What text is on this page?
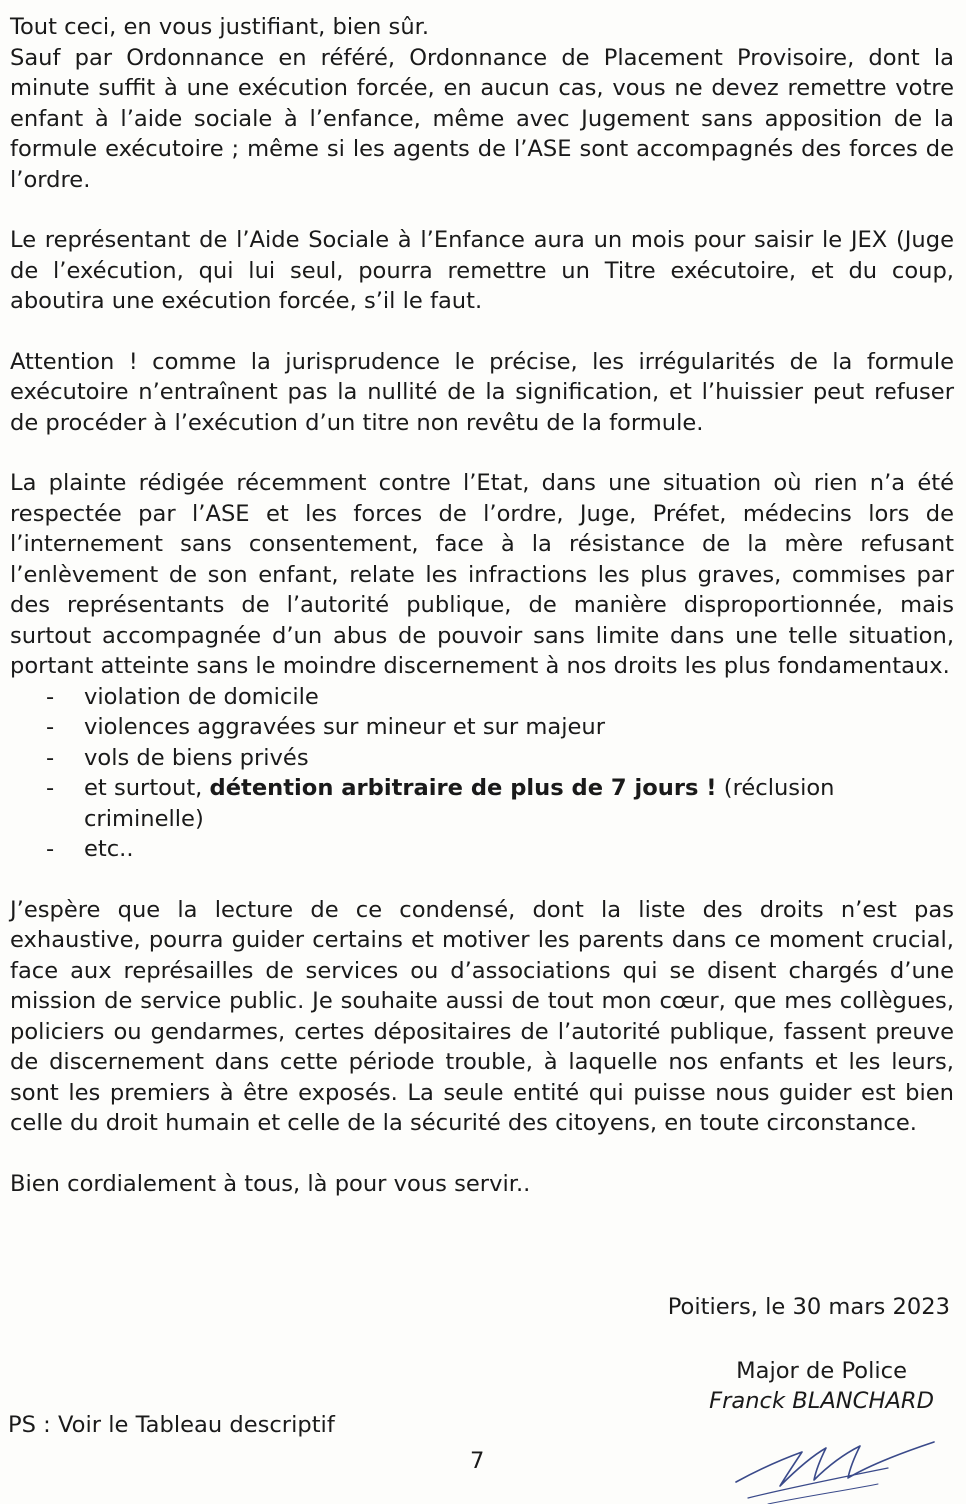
Tout ceci, en vous justifiant, bien sûr.

Sauf par Ordonnance en référé, Ordonnance de Placement Provisoire, dont la minute suffit à une exécution forcée, en aucun cas, vous ne devez remettre votre enfant à l’aide sociale à l’enfance, même avec Jugement sans apposition de la formule exécutoire ; même si les agents de l’ASE sont accompagnés des forces de l’ordre.

Le représentant de l’Aide Sociale à l’Enfance aura un mois pour saisir le JEX (Juge de l’exécution, qui lui seul, pourra remettre un Titre exécutoire, et du coup, aboutira une exécution forcée, s’il le faut.

Attention ! comme la jurisprudence le précise, les irrégularités de la formule exécutoire n’entraînent pas la nullité de la signification, et l’huissier peut refuser de procéder à l’exécution d’un titre non revêtu de la formule.

La plainte rédigée récemment contre l’Etat, dans une situation où rien n’a été respectée par l’ASE et les forces de l’ordre, Juge, Préfet, médecins lors de l’internement sans consentement, face à la résistance de la mère refusant l’enlèvement de son enfant, relate les infractions les plus graves, commises par des représentants de l’autorité publique, de manière disproportionnée, mais surtout accompagnée d’un abus de pouvoir sans limite dans une telle situation, portant atteinte sans le moindre discernement à nos droits les plus fondamentaux.

- violation de domicile
- violences aggravées sur mineur et sur majeur
- vols de biens privés
- et surtout, détention arbitraire de plus de 7 jours ! (réclusion criminelle)
- etc..

J’espère que la lecture de ce condensé, dont la liste des droits n’est pas exhaustive, pourra guider certains et motiver les parents dans ce moment crucial, face aux représailles de services ou d’associations qui se disent chargés d’une mission de service public. Je souhaite aussi de tout mon cœur, que mes collègues, policiers ou gendarmes, certes dépositaires de l’autorité publique, fassent preuve de discernement dans cette période trouble, à laquelle nos enfants et les leurs, sont les premiers à être exposés. La seule entité qui puisse nous guider est bien celle du droit humain et celle de la sécurité des citoyens, en toute circonstance.

Bien cordialement à tous, là pour vous servir..

Poitiers, le 30 mars 2023
Major de Police
Franck BLANCHARD
PS : Voir le Tableau descriptif
7
